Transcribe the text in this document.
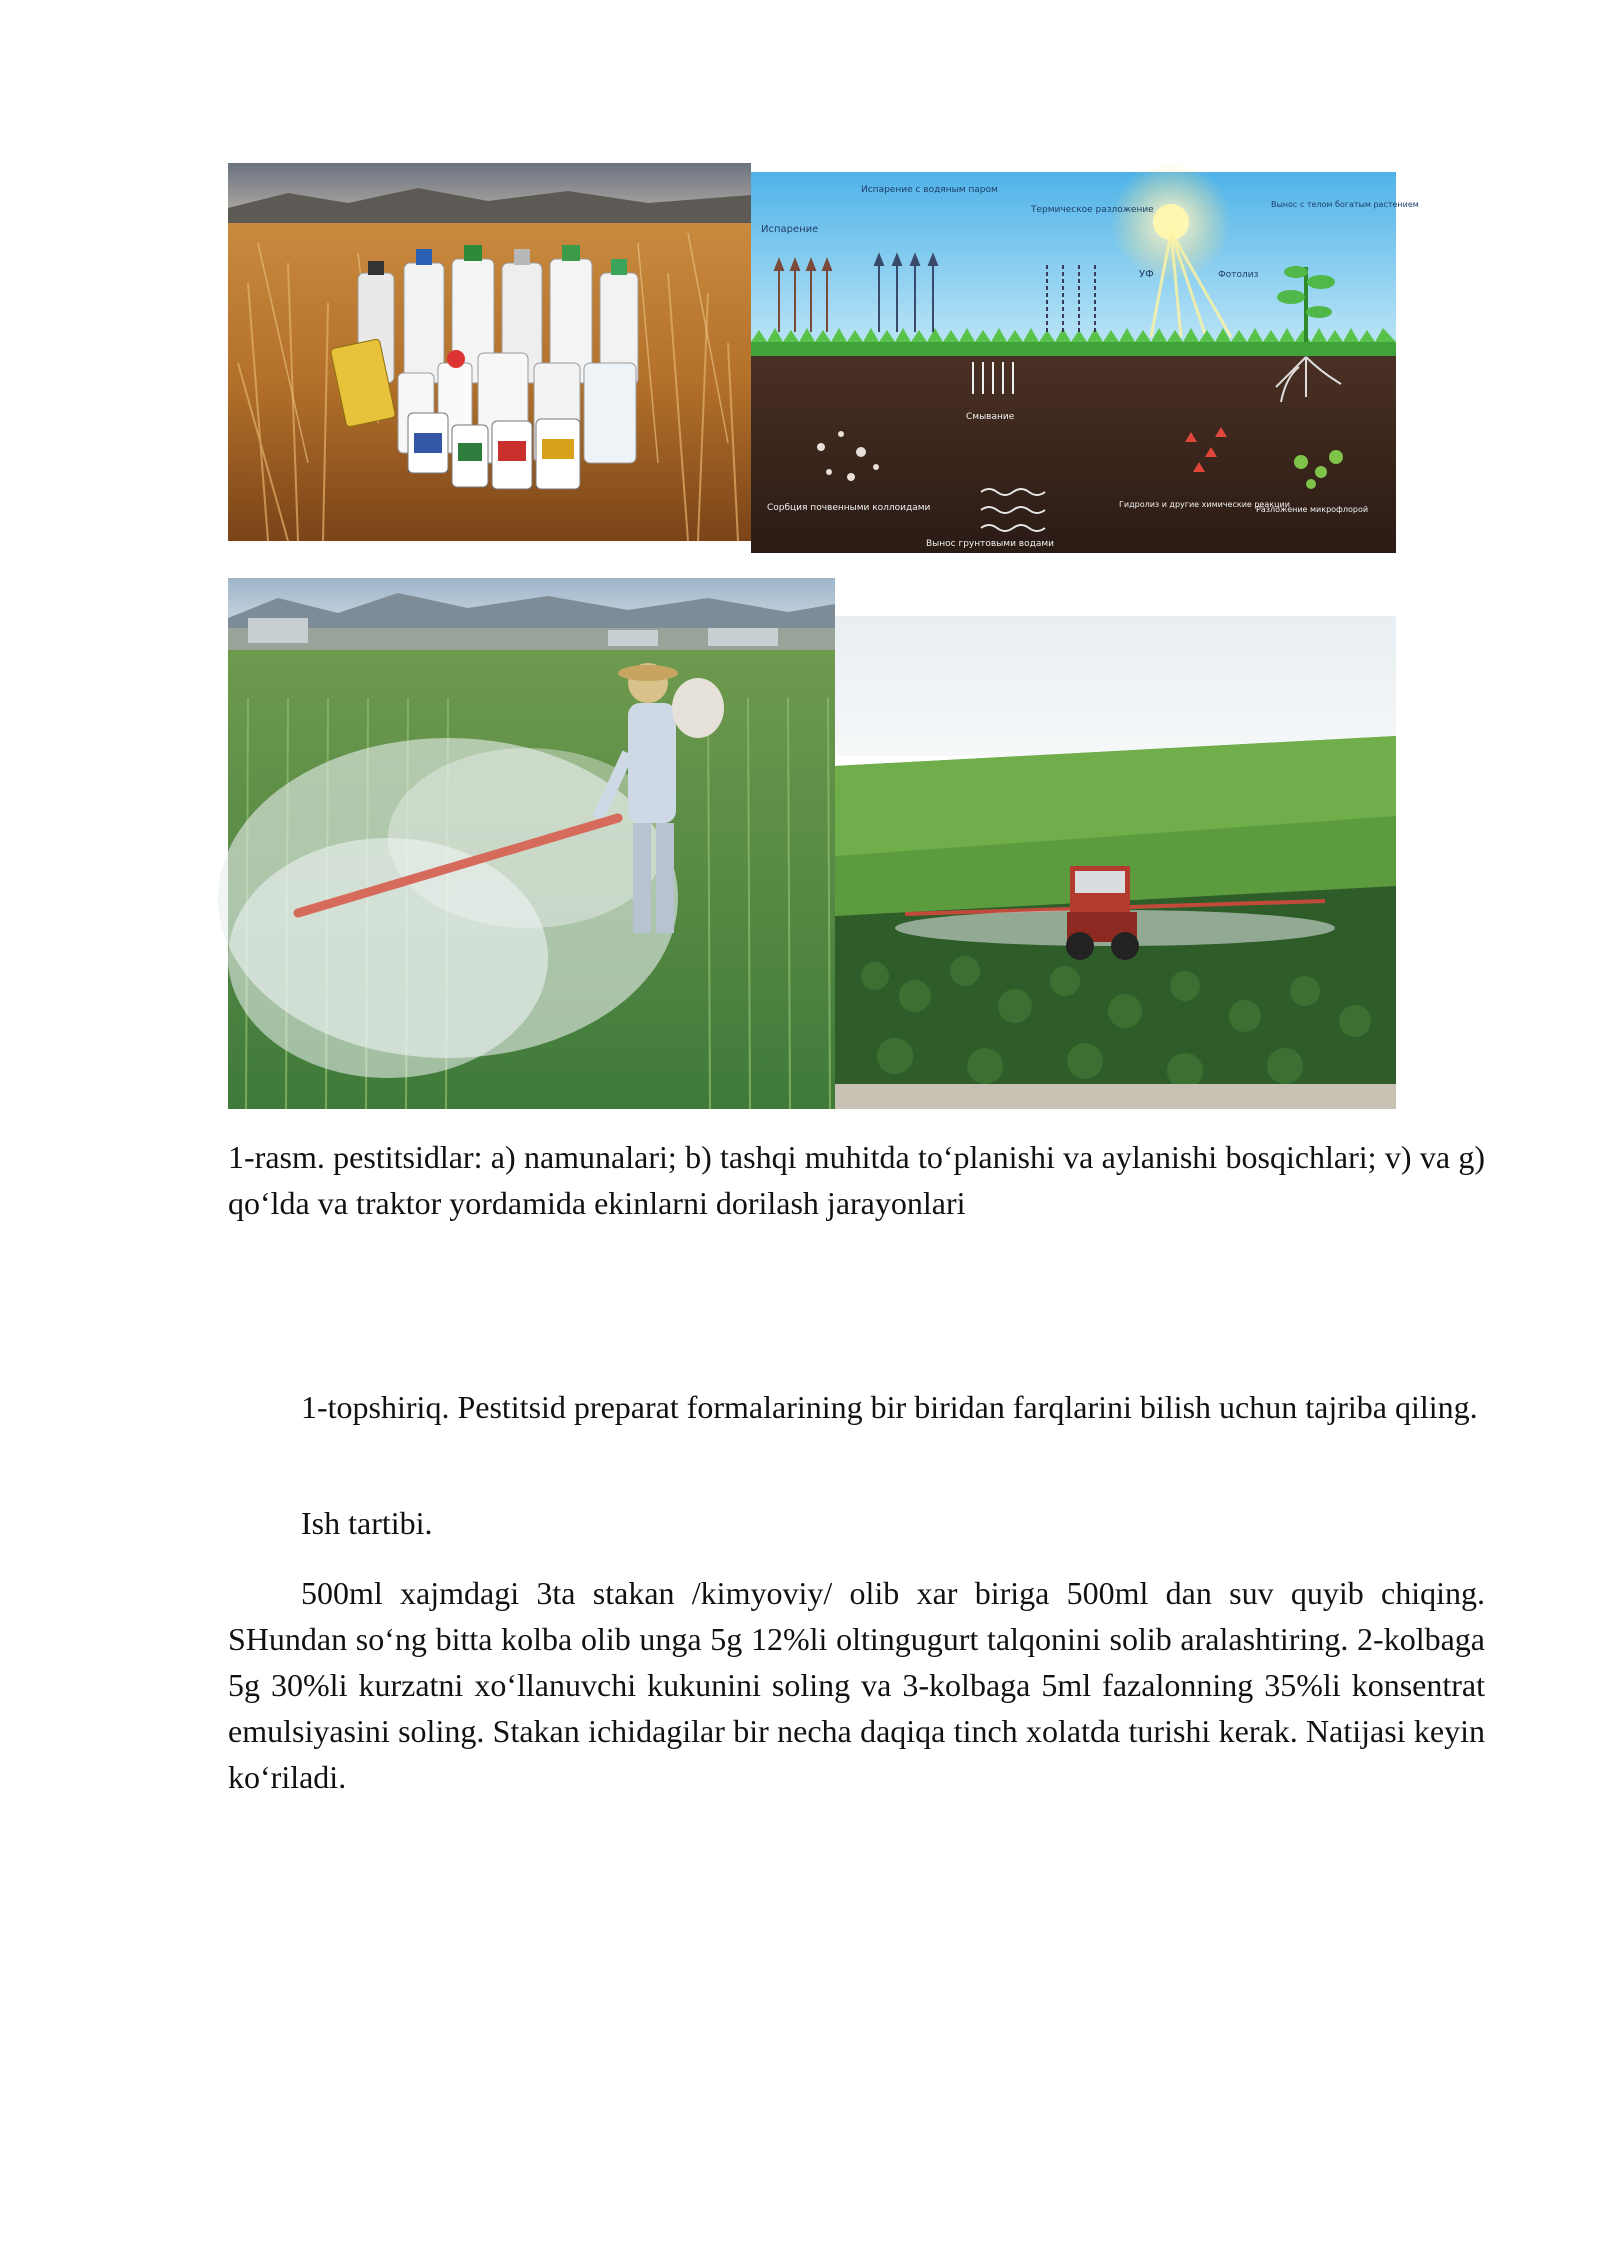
Испарение
Испарение с водяным паром
Термическое разложение
Вынос с телом богатым растением
УФ	Фотолиз
Сорбция почвенными коллоидами
Смывание
Гидролиз и другие химические реакции
Разложение микрофлорой
Вынос грунтовыми водами

1-rasm. pestitsidlar: a) namunalari; b) tashqi muhitda to‘planishi va aylanishi bosqichlari; v) va g) qo‘lda va traktor yordamida ekinlarni dorilash jarayonlari

1-topshiriq. Pestitsid preparat formalarining bir biridan farqlarini bilish uchun tajriba qiling.

Ish tartibi.

500ml xajmdagi 3ta stakan /kimyoviy/ olib xar biriga 500ml dan suv quyib chiqing. SHundan so‘ng bitta kolba olib unga 5g 12%li oltingugurt talqonini solib aralashtiring. 2-kolbaga 5g 30%li kurzatni xo‘llanuvchi kukunini soling va 3-kolbaga 5ml fazalonning 35%li konsentrat emulsiyasini soling. Stakan ichidagilar bir necha daqiqa tinch xolatda turishi kerak. Natijasi keyin ko‘riladi.
